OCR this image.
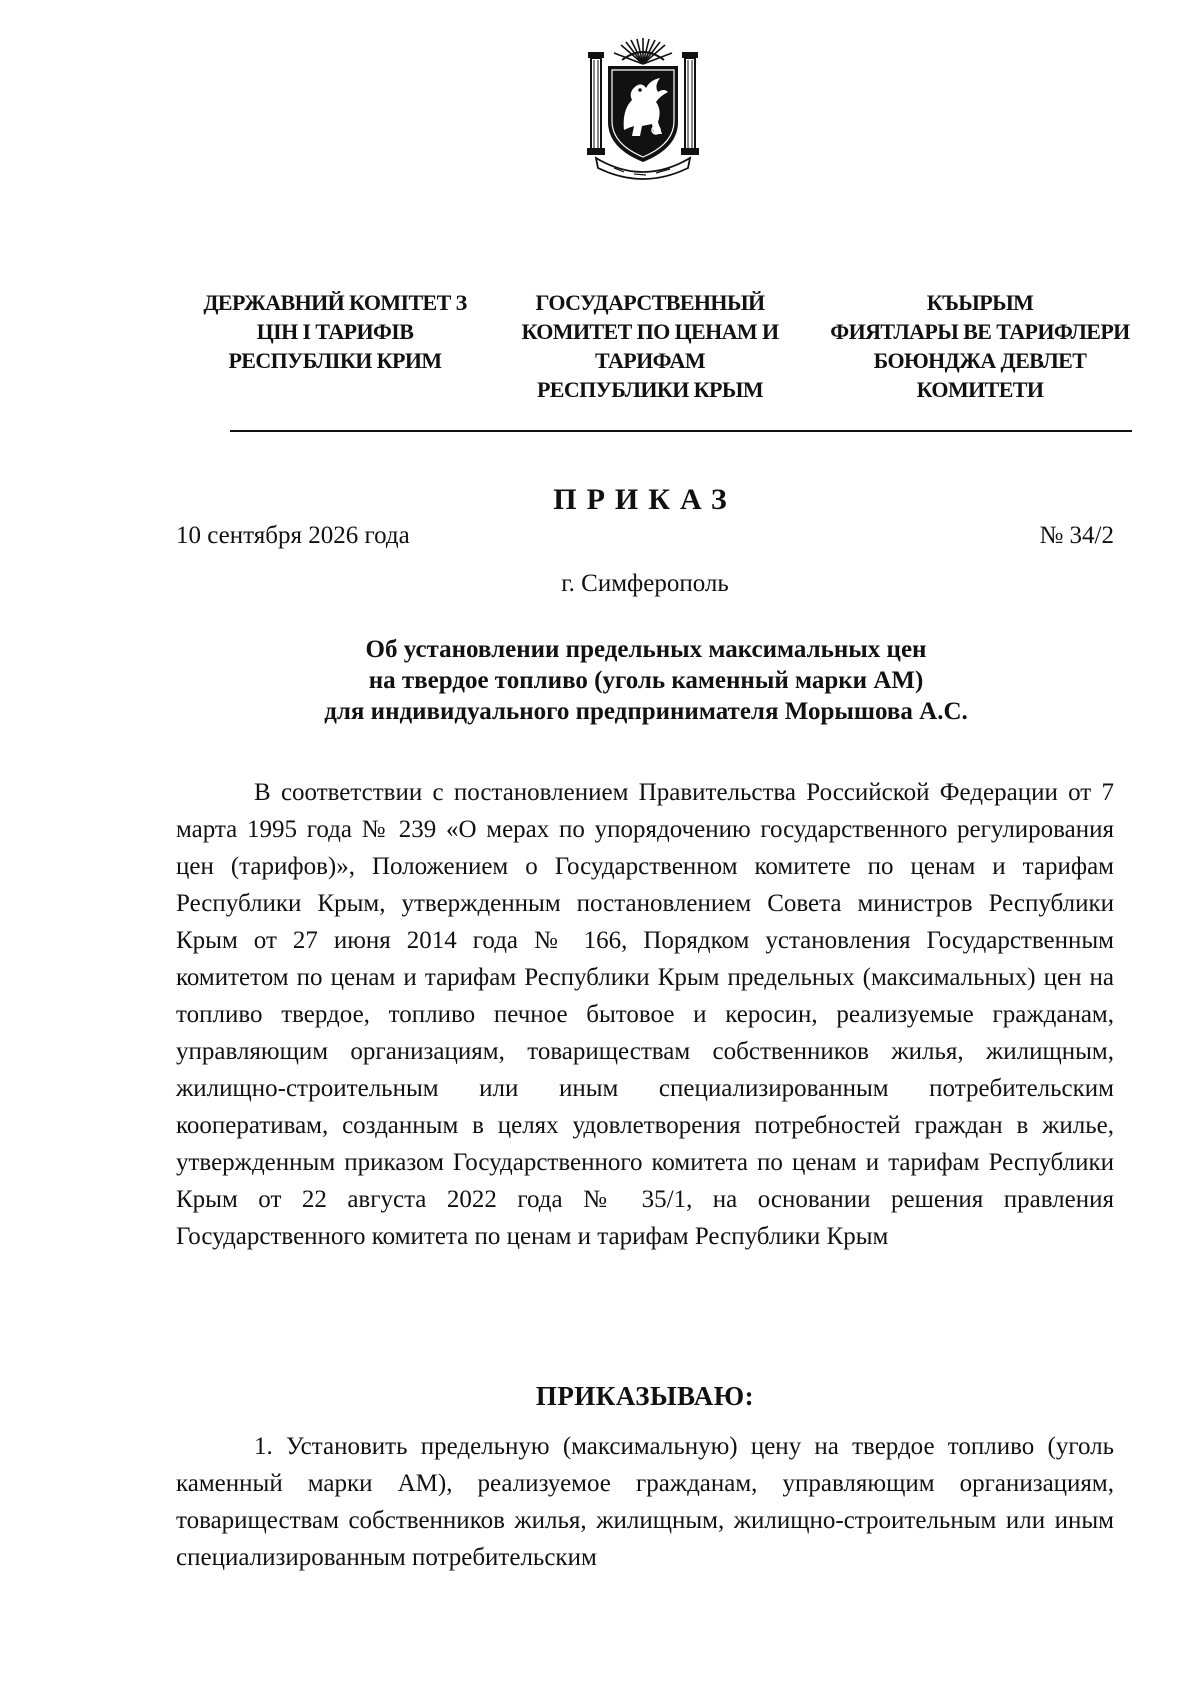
ДЕРЖАВНИЙ КОМІТЕТ З
ЦІН І ТАРИФІВ
РЕСПУБЛІКИ КРИМ
ГОСУДАРСТВЕННЫЙ
КОМИТЕТ ПО ЦЕНАМ И
ТАРИФАМ
РЕСПУБЛИКИ КРЫМ
КЪЫРЫМ
ФИЯТЛАРЫ ВЕ ТАРИФЛЕРИ
БОЮНДЖА ДЕВЛЕТ
КОМИТЕТИ
ПРИКАЗ
10 сентября 2026 года	№ 34/2
г. Симферополь
Об установлении предельных максимальных цен
на твердое топливо (уголь каменный марки АМ)
для индивидуального предпринимателя Морышова А.С.

В соответствии с постановлением Правительства Российской Федерации от 7 марта 1995 года № 239 «О мерах по упорядочению государственного регулирования цен (тарифов)», Положением о Государственном комитете по ценам и тарифам Республики Крым, утвержденным постановлением Совета министров Республики Крым от 27 июня 2014 года № 166, Порядком установления Государственным комитетом по ценам и тарифам Республики Крым предельных (максимальных) цен на топливо твердое, топливо печное бытовое и керосин, реализуемые гражданам, управляющим организациям, товариществам собственников жилья, жилищным, жилищно-строительным или иным специализированным потребительским кооперативам, созданным в целях удовлетворения потребностей граждан в жилье, утвержденным приказом Государственного комитета по ценам и тарифам Республики Крым от 22 августа 2022 года № 35/1, на основании решения правления Государственного комитета по ценам и тарифам Республики Крым

ПРИКАЗЫВАЮ:

1. Установить предельную (максимальную) цену на твердое топливо (уголь каменный марки АМ), реализуемое гражданам, управляющим организациям, товариществам собственников жилья, жилищным, жилищно-строительным или иным специализированным потребительским
